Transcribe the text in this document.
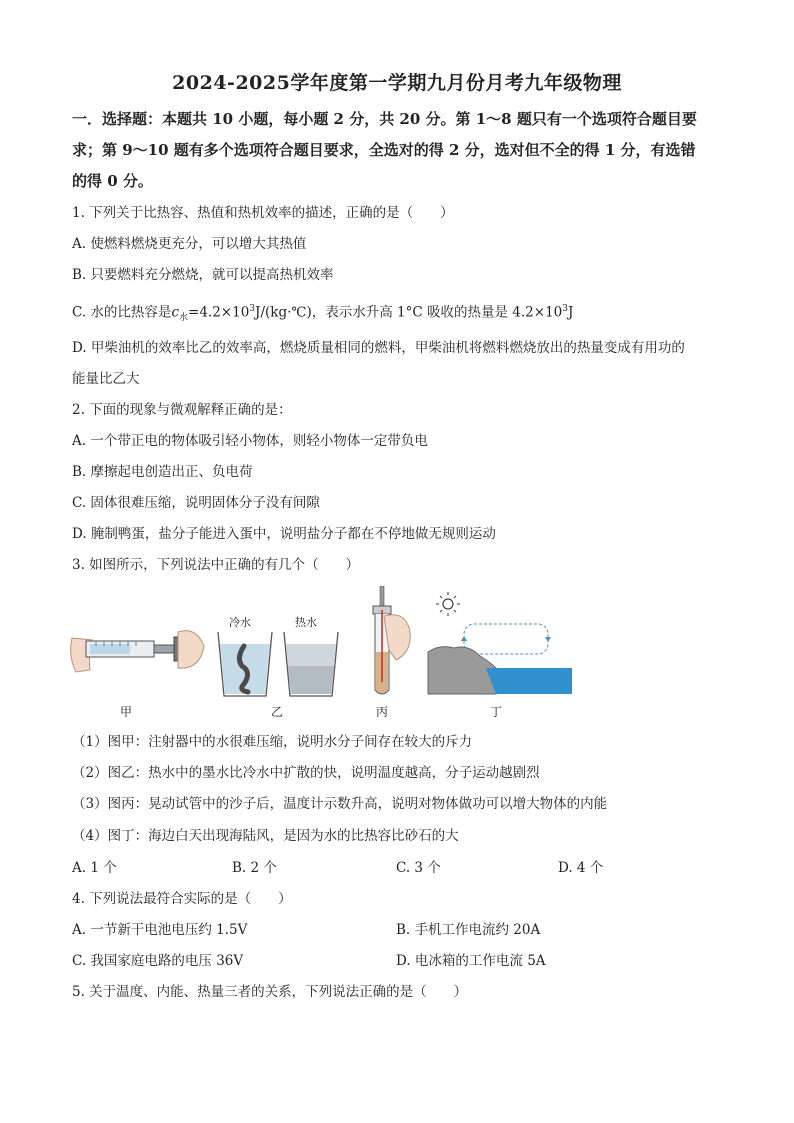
2024-2025学年度第一学期九月份月考九年级物理
一．选择题：本题共 10 小题，每小题 2 分，共 20 分。第 1～8 题只有一个选项符合题目要
求；第 9～10 题有多个选项符合题目要求，全选对的得 2 分，选对但不全的得 1 分，有选错
的得 0 分。
1. 下列关于比热容、热值和热机效率的描述，正确的是（　　）
A. 使燃料燃烧更充分，可以增大其热值
B. 只要燃料充分燃烧，就可以提高热机效率
C. 水的比热容是$c_水=4.2\times 10^3J/(kg\cdot℃)$，表示水升高 1°C 吸收的热量是 $4.2\times 10^3J$
D. 甲柴油机的效率比乙的效率高，燃烧质量相同的燃料，甲柴油机将燃料燃烧放出的热量变成有用功的
能量比乙大
2. 下面的现象与微观解释正确的是：
A. 一个带正电的物体吸引轻小物体，则轻小物体一定带负电
B. 摩擦起电创造出正、负电荷
C. 固体很难压缩，说明固体分子没有间隙
D. 腌制鸭蛋，盐分子能进入蛋中，说明盐分子都在不停地做无规则运动
3. 如图所示，下列说法中正确的有几个（　　）
冷水	热水
甲	乙	丙	丁
（1）图甲：注射器中的水很难压缩，说明水分子间存在较大的斥力
（2）图乙：热水中的墨水比冷水中扩散的快，说明温度越高，分子运动越剧烈
（3）图丙：晃动试管中的沙子后，温度计示数升高，说明对物体做功可以增大物体的内能
（4）图丁：海边白天出现海陆风，是因为水的比热容比砂石的大
A. 1 个	B. 2 个	C. 3 个	D. 4 个
4. 下列说法最符合实际的是（　　）
A. 一节新干电池电压约 1.5V	B. 手机工作电流约 20A
C. 我国家庭电路的电压 36V	D. 电冰箱的工作电流 5A
5. 关于温度、内能、热量三者的关系，下列说法正确的是（　　）
